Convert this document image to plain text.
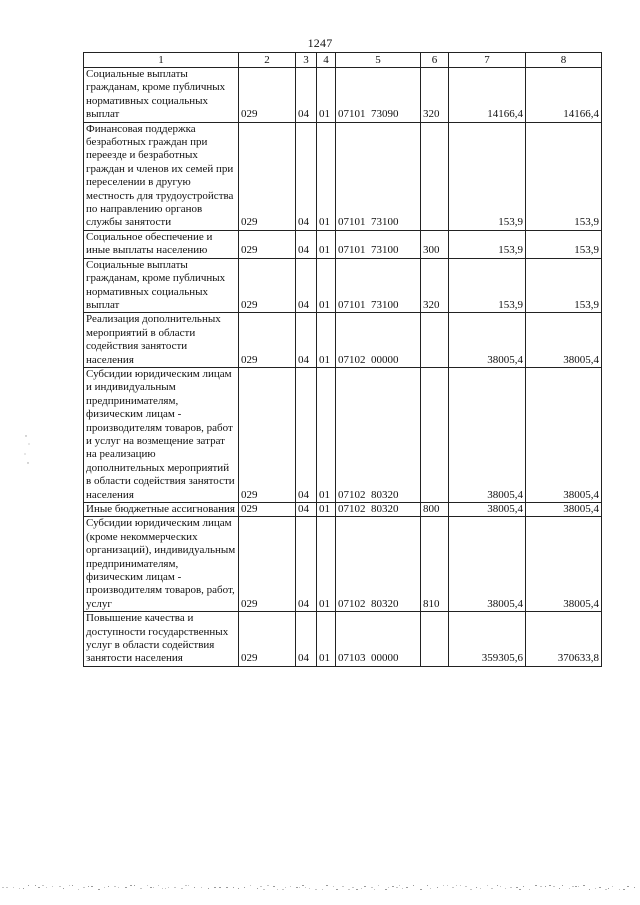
1247
1	2	3	4	5	6	7	8
Социальные выплаты гражданам, кроме публичных нормативных социальных выплат	029	04	01	07101  73090	320	14166,4	14166,4
Финансовая поддержка безработных граждан при переезде и безработных граждан и членов их семей при переселении в другую местность для трудоустройства по направлению органов службы занятости	029	04	01	07101  73100		153,9	153,9
Социальное обеспечение и иные выплаты населению	029	04	01	07101  73100	300	153,9	153,9
Социальные выплаты гражданам, кроме публичных нормативных социальных выплат	029	04	01	07101  73100	320	153,9	153,9
Реализация дополнительных мероприятий в области содействия занятости населения	029	04	01	07102  00000		38005,4	38005,4
Субсидии юридическим лицам и индивидуальным предпринимателям, физическим лицам - производителям товаров, работ и услуг на возмещение затрат на реализацию дополнительных мероприятий в области содействия занятости населения	029	04	01	07102  80320		38005,4	38005,4
Иные бюджетные ассигнования	029	04	01	07102  80320	800	38005,4	38005,4
Субсидии юридическим лицам (кроме некоммерческих организаций), индивидуальным предпринимателям, физическим лицам - производителям товаров, работ, услуг	029	04	01	07102  80320	810	38005,4	38005,4
Повышение качества и доступности государственных услуг в области содействия занятости населения	029	04	01	07103  00000		359305,6	370633,8
